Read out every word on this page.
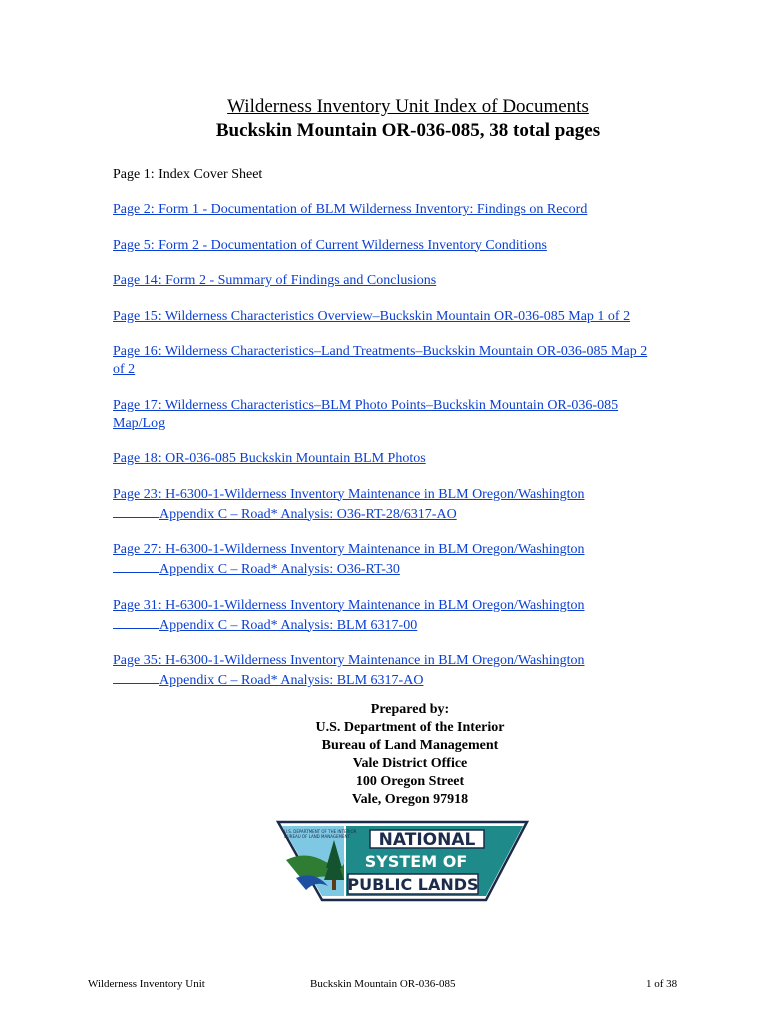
Wilderness Inventory Unit Index of Documents
Buckskin Mountain OR-036-085, 38 total pages
Page 1: Index Cover Sheet
Page 2: Form 1 - Documentation of BLM Wilderness Inventory: Findings on Record
Page 5: Form 2 - Documentation of Current Wilderness Inventory Conditions
Page 14: Form 2 - Summary of Findings and Conclusions
Page 15: Wilderness Characteristics Overview–Buckskin Mountain OR-036-085 Map 1 of 2
Page 16: Wilderness Characteristics–Land Treatments–Buckskin Mountain OR-036-085 Map 2
of 2
Page 17: Wilderness Characteristics–BLM Photo Points–Buckskin Mountain OR-036-085
Map/Log
Page 18: OR-036-085 Buckskin Mountain BLM Photos
Page 23: H-6300-1-Wilderness Inventory Maintenance in BLM Oregon/Washington
Appendix C – Road* Analysis: O36-RT-28/6317-AO
Page 27: H-6300-1-Wilderness Inventory Maintenance in BLM Oregon/Washington
Appendix C – Road* Analysis: O36-RT-30
Page 31: H-6300-1-Wilderness Inventory Maintenance in BLM Oregon/Washington
Appendix C – Road* Analysis: BLM 6317-00
Page 35: H-6300-1-Wilderness Inventory Maintenance in BLM Oregon/Washington
Appendix C – Road* Analysis: BLM 6317-AO
Prepared by:
U.S. Department of the Interior
Bureau of Land Management
Vale District Office
100 Oregon Street
Vale, Oregon 97918
U.S. DEPARTMENT OF THE INTERIOR
BUREAU OF LAND MANAGEMENT NATIONAL
SYSTEM OF
PUBLIC LANDS
Wilderness Inventory Unit	Buckskin Mountain OR-036-085	1 of 38
